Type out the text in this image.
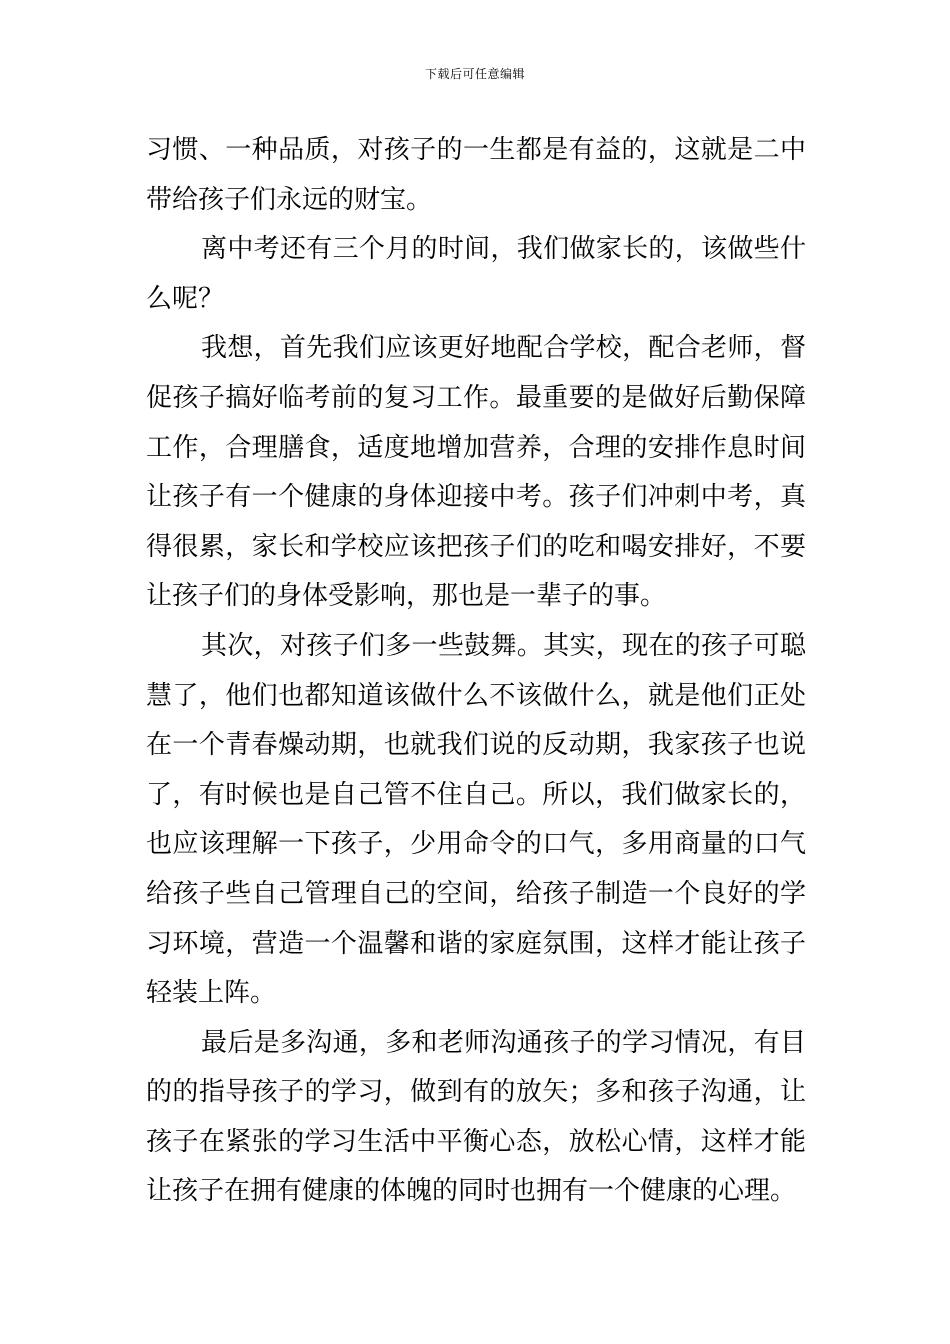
下载后可任意编辑
习惯、一种品质，对孩子的一生都是有益的，这就是二中
带给孩子们永远的财宝。
离中考还有三个月的时间，我们做家长的，该做些什
么呢？
我想，首先我们应该更好地配合学校，配合老师，督
促孩子搞好临考前的复习工作。最重要的是做好后勤保障
工作，合理膳食，适度地增加营养，合理的安排作息时间
让孩子有一个健康的身体迎接中考。孩子们冲刺中考，真
得很累，家长和学校应该把孩子们的吃和喝安排好，不要
让孩子们的身体受影响，那也是一辈子的事。
其次，对孩子们多一些鼓舞。其实，现在的孩子可聪
慧了，他们也都知道该做什么不该做什么，就是他们正处
在一个青春燥动期，也就我们说的反动期，我家孩子也说
了，有时候也是自己管不住自己。所以，我们做家长的，
也应该理解一下孩子，少用命令的口气，多用商量的口气
给孩子些自己管理自己的空间，给孩子制造一个良好的学
习环境，营造一个温馨和谐的家庭氛围，这样才能让孩子
轻装上阵。
最后是多沟通，多和老师沟通孩子的学习情况，有目
的的指导孩子的学习，做到有的放矢；多和孩子沟通，让
孩子在紧张的学习生活中平衡心态，放松心情，这样才能
让孩子在拥有健康的体魄的同时也拥有一个健康的心理。
